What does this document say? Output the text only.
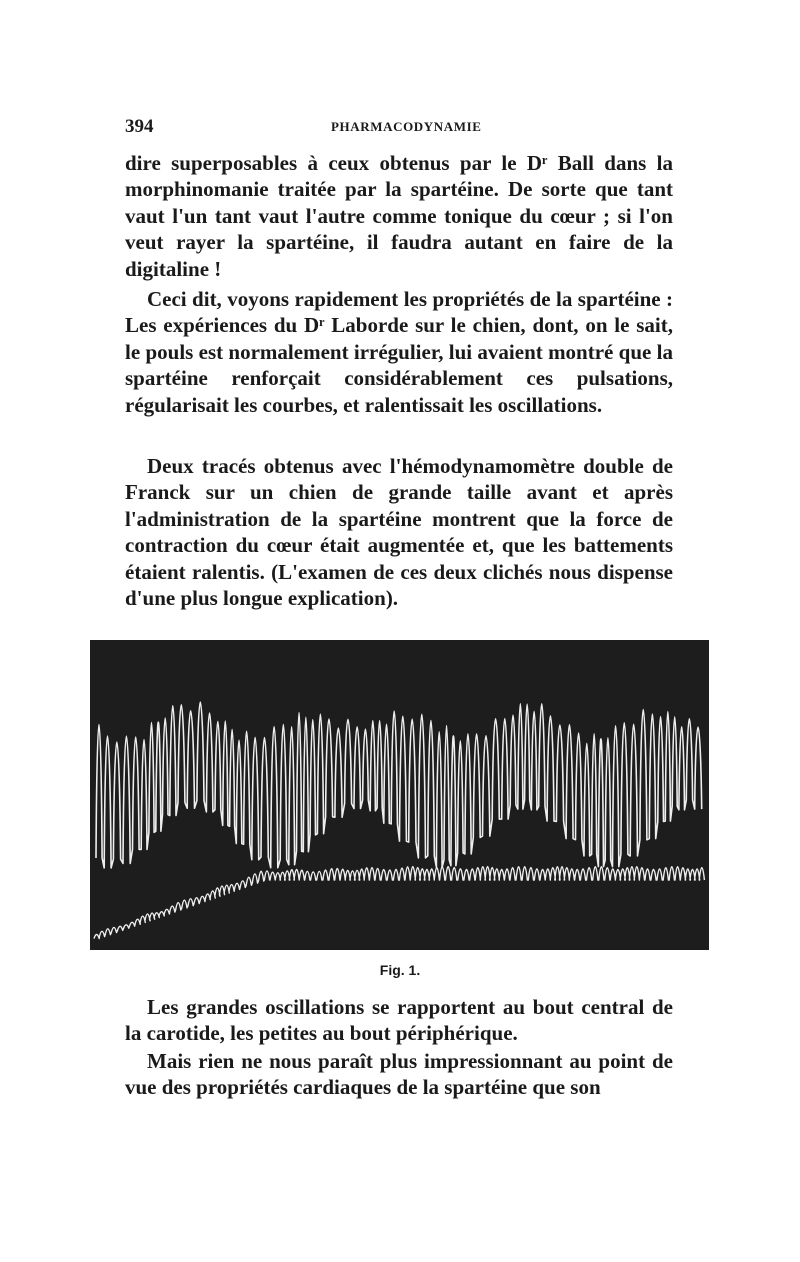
394	PHARMACODYNAMIE

dire superposables à ceux obtenus par le Dʳ Ball dans la morphinomanie traitée par la spartéine. De sorte que tant vaut l'un tant vaut l'autre comme tonique du cœur ; si l'on veut rayer la spartéine, il faudra autant en faire de la digitaline !

Ceci dit, voyons rapidement les propriétés de la spartéine : Les expériences du Dʳ Laborde sur le chien, dont, on le sait, le pouls est normalement irrégulier, lui avaient montré que la spartéine renforçait considérablement ces pulsations, régularisait les courbes, et ralentissait les oscillations.

Deux tracés obtenus avec l'hémodynamomètre double de Franck sur un chien de grande taille avant et après l'administration de la spartéine montrent que la force de contraction du cœur était augmentée et, que les battements étaient ralentis. (L'examen de ces deux clichés nous dispense d'une plus longue explication).

Fig. 1.

Les grandes oscillations se rapportent au bout central de la carotide, les petites au bout périphérique.

Mais rien ne nous paraît plus impressionnant au point de vue des propriétés cardiaques de la spartéine que son
